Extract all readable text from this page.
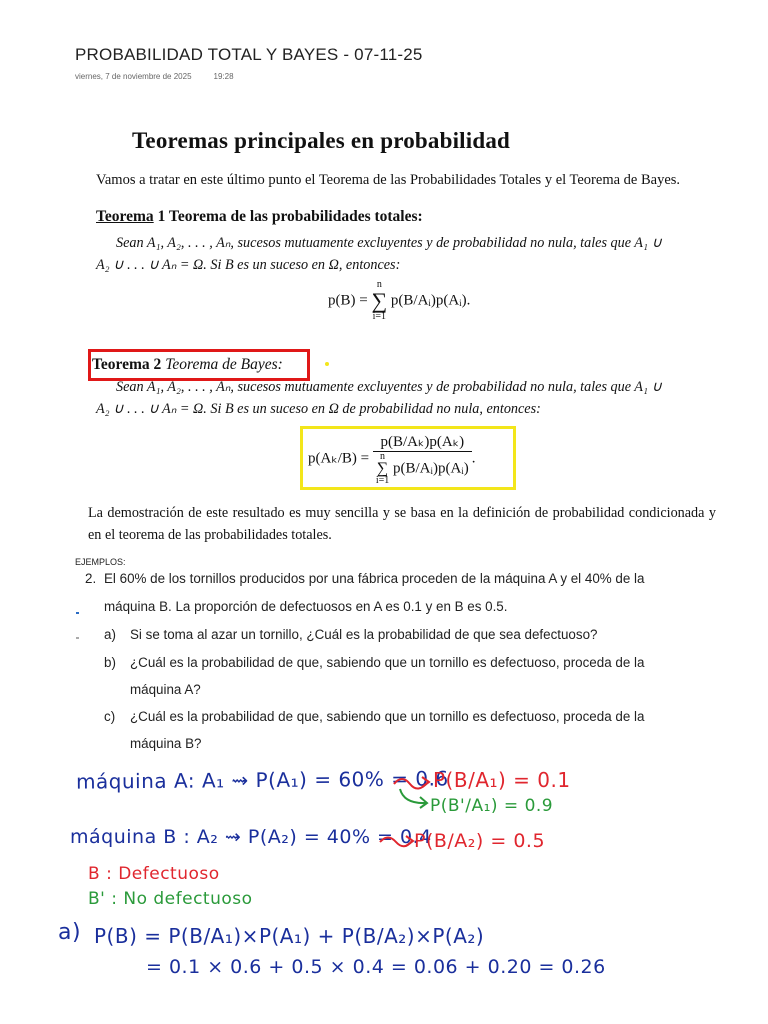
PROBABILIDAD TOTAL Y BAYES - 07-11-25
viernes, 7 de noviembre de 2025	19:28
Teoremas principales en probabilidad
Vamos a tratar en este último punto el Teorema de las Probabilidades Totales y el Teorema de Bayes.
Teorema 1 Teorema de las probabilidades totales:
Sean A₁, A₂, . . . , Aₙ, sucesos mutuamente excluyentes y de probabilidad no nula, tales que A₁ ∪
A₂ ∪ . . . ∪ Aₙ = Ω. Si B es un suceso en Ω, entonces:
p(B) = n
∑
i=1 p(B/Aᵢ)p(Aᵢ).
Teorema 2 Teorema de Bayes:
Sean A₁, A₂, . . . , Aₙ, sucesos mutuamente excluyentes y de probabilidad no nula, tales que A₁ ∪
A₂ ∪ . . . ∪ Aₙ = Ω. Si B es un suceso en Ω de probabilidad no nula, entonces:
p(Aₖ/B) = p(B/Aₖ)p(Aₖ)
n
∑
i=1 p(B/Aᵢ)p(Aᵢ) .
La demostración de este resultado es muy sencilla y se basa en la definición de probabilidad condicionada y en el teorema de las probabilidades totales.
EJEMPLOS:
2. El 60% de los tornillos producidos por una fábrica proceden de la máquina A y el 40% de la
máquina B. La proporción de defectuosos en A es 0.1 y en B es 0.5.
a) Si se toma al azar un tornillo, ¿Cuál es la probabilidad de que sea defectuoso?
b) ¿Cuál es la probabilidad de que, sabiendo que un tornillo es defectuoso, proceda de la
máquina A?
c) ¿Cuál es la probabilidad de que, sabiendo que un tornillo es defectuoso, proceda de la
máquina B?
máquina A: A₁ ⇝ P(A₁) = 60% = 0.6
P(B/A₁) = 0.1
P(B'/A₁) = 0.9
máquina B : A₂ ⇝ P(A₂) = 40% = 0.4
P(B/A₂) = 0.5
B : Defectuoso
B' : No defectuoso
a) P(B) = P(B/A₁)×P(A₁) + P(B/A₂)×P(A₂)
= 0.1 × 0.6 + 0.5 × 0.4 = 0.06 + 0.20 = 0.26
